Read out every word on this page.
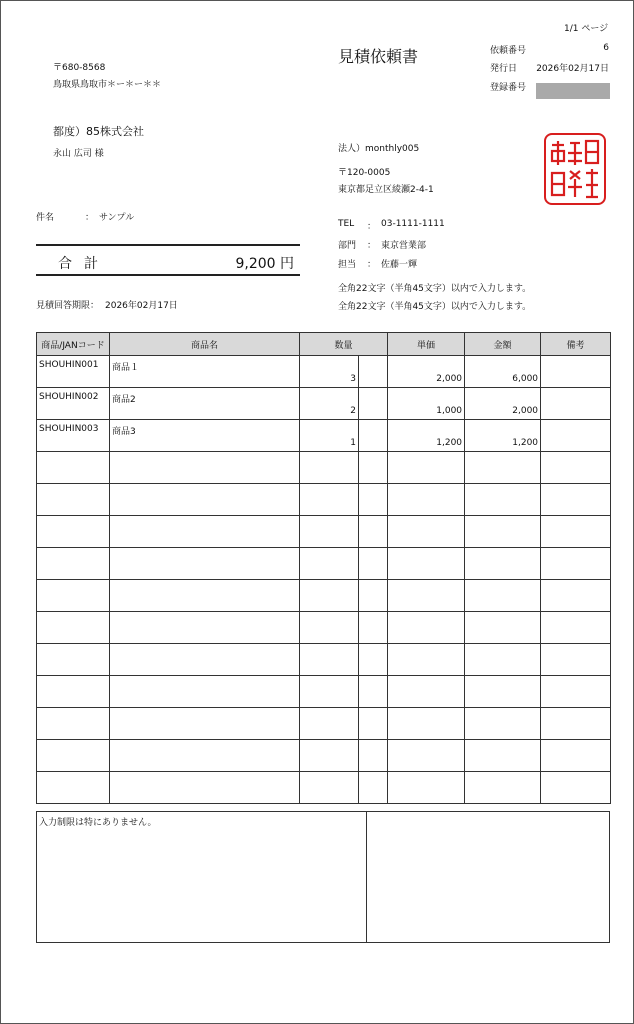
1/1 ページ
見積依頼書	依頼番号	6
発行日	2026年02月17日
登録番号
〒680-8568
鳥取県鳥取市＊ー＊ー＊＊
都度）85株式会社
永山 広司 様	法人）monthly005
〒120-0005
東京都足立区綾瀬2-4-1
TEL ： 03-1111-1111
部門 ： 東京営業部
担当 ： 佐藤一輝
全角22文字（半角45文字）以内で入力します。
全角22文字（半角45文字）以内で入力します。
件名	： サンプル
合計	9,200 円
見積回答期限： 2026年02月17日
商品/JANコード	商品名	数量		単価	金額	備考

SHOUHIN001	商品１	3		2,000	6,000	

SHOUHIN002	商品2	2		1,000	2,000	

SHOUHIN003	商品3	1		1,200	1,200	

入力制限は特にありません。
